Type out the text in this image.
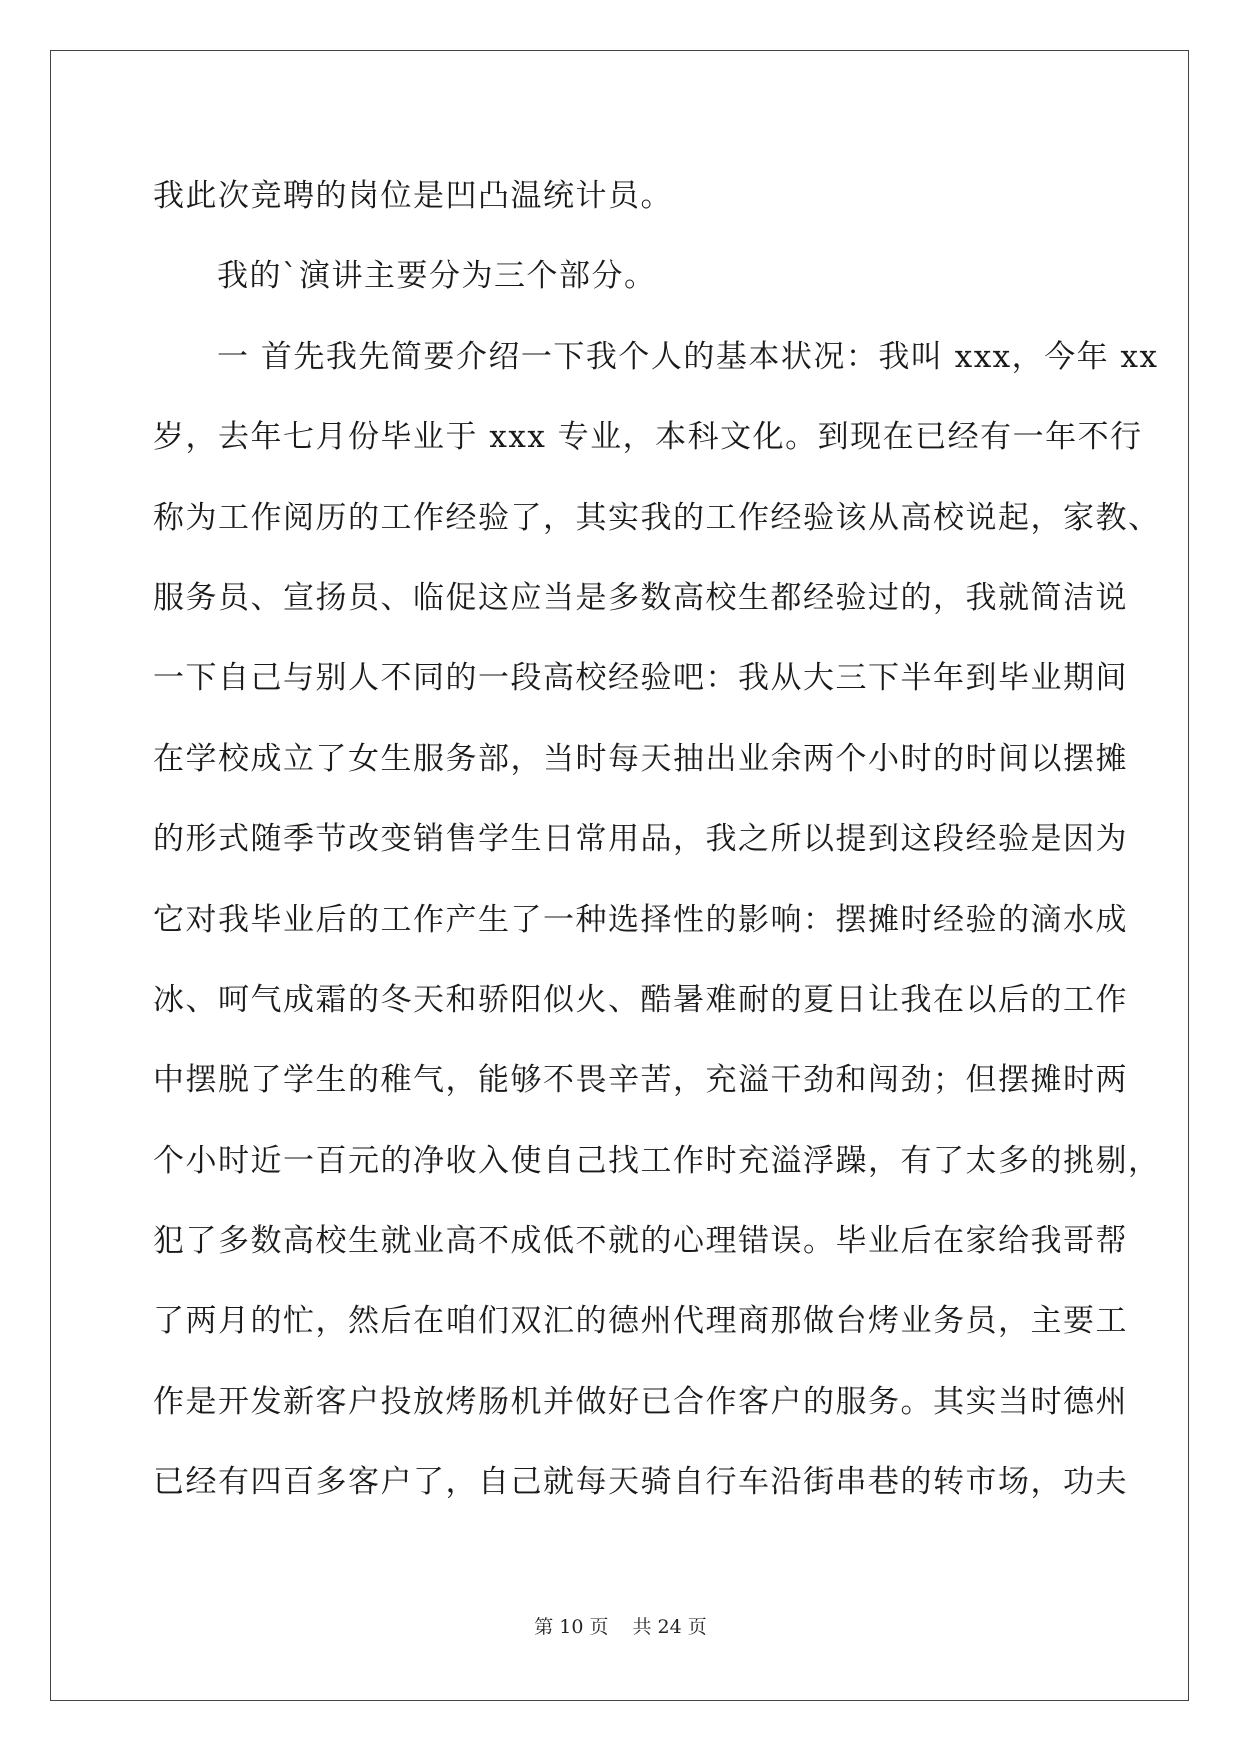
我此次竞聘的岗位是凹凸温统计员。
我的`演讲主要分为三个部分。
一 首先我先简要介绍一下我个人的基本状况：我叫 xxx，今年 xx
岁，去年七月份毕业于 xxx 专业，本科文化。到现在已经有一年不行
称为工作阅历的工作经验了，其实我的工作经验该从高校说起，家教、
服务员、宣扬员、临促这应当是多数高校生都经验过的，我就简洁说
一下自己与别人不同的一段高校经验吧：我从大三下半年到毕业期间
在学校成立了女生服务部，当时每天抽出业余两个小时的时间以摆摊
的形式随季节改变销售学生日常用品，我之所以提到这段经验是因为
它对我毕业后的工作产生了一种选择性的影响：摆摊时经验的滴水成
冰、呵气成霜的冬天和骄阳似火、酷暑难耐的夏日让我在以后的工作
中摆脱了学生的稚气，能够不畏辛苦，充溢干劲和闯劲；但摆摊时两
个小时近一百元的净收入使自己找工作时充溢浮躁，有了太多的挑剔，
犯了多数高校生就业高不成低不就的心理错误。毕业后在家给我哥帮
了两月的忙，然后在咱们双汇的德州代理商那做台烤业务员，主要工
作是开发新客户投放烤肠机并做好已合作客户的服务。其实当时德州
已经有四百多客户了，自己就每天骑自行车沿街串巷的转市场，功夫
第 10 页 共 24 页
